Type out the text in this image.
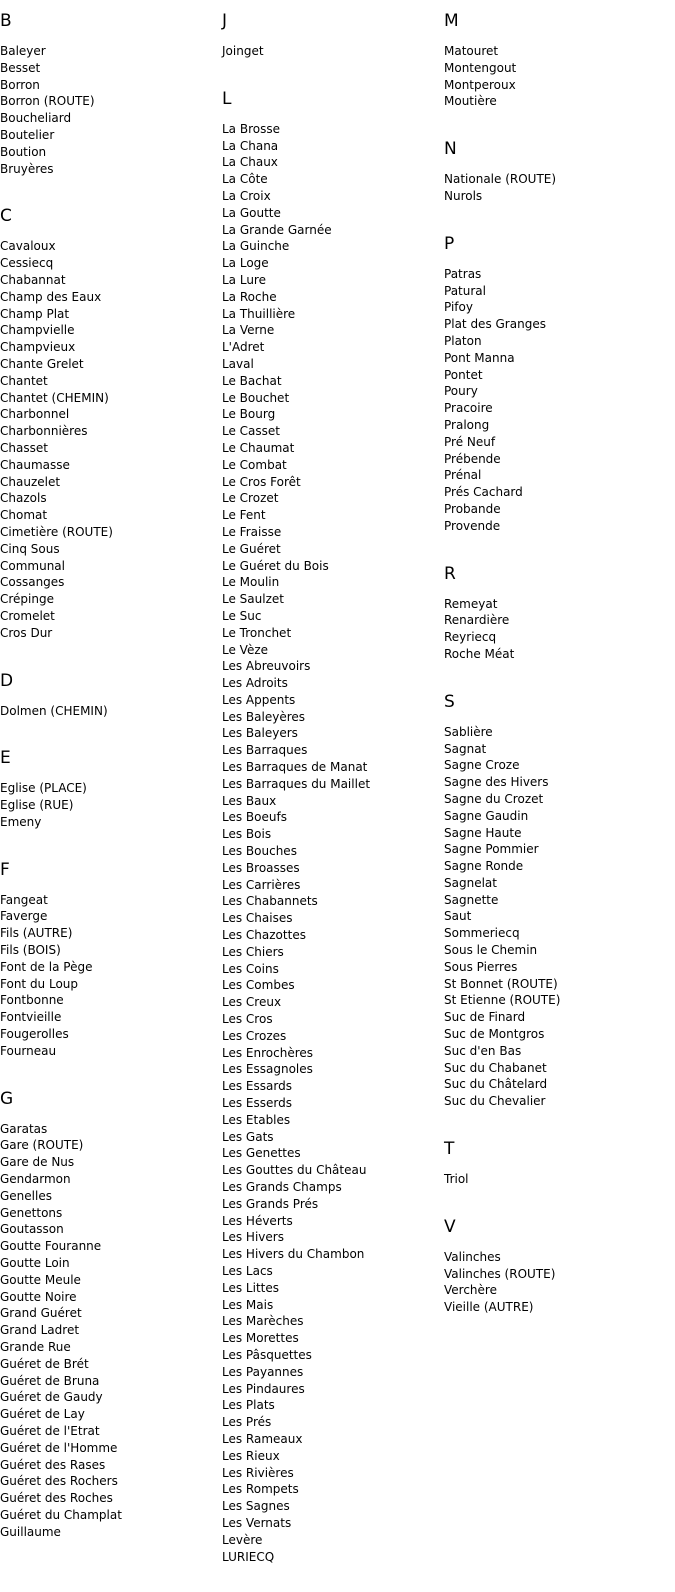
B
Baleyer
Besset
Borron
Borron (ROUTE)
Boucheliard
Boutelier
Boution
Bruyères
C
Cavaloux
Cessiecq
Chabannat
Champ des Eaux
Champ Plat
Champvielle
Champvieux
Chante Grelet
Chantet
Chantet (CHEMIN)
Charbonnel
Charbonnières
Chasset
Chaumasse
Chauzelet
Chazols
Chomat
Cimetière (ROUTE)
Cinq Sous
Communal
Cossanges
Crépinge
Cromelet
Cros Dur
D
Dolmen (CHEMIN)
E
Eglise (PLACE)
Eglise (RUE)
Emeny
F
Fangeat
Faverge
Fils (AUTRE)
Fils (BOIS)
Font de la Pège
Font du Loup
Fontbonne
Fontvieille
Fougerolles
Fourneau
G
Garatas
Gare (ROUTE)
Gare de Nus
Gendarmon
Genelles
Genettons
Goutasson
Goutte Fouranne
Goutte Loin
Goutte Meule
Goutte Noire
Grand Guéret
Grand Ladret
Grande Rue
Guéret de Brét
Guéret de Bruna
Guéret de Gaudy
Guéret de Lay
Guéret de l'Etrat
Guéret de l'Homme
Guéret des Rases
Guéret des Rochers
Guéret des Roches
Guéret du Champlat
Guillaume
J
Joinget
L
La Brosse
La Chana
La Chaux
La Côte
La Croix
La Goutte
La Grande Garnée
La Guinche
La Loge
La Lure
La Roche
La Thuillière
La Verne
L'Adret
Laval
Le Bachat
Le Bouchet
Le Bourg
Le Casset
Le Chaumat
Le Combat
Le Cros Forêt
Le Crozet
Le Fent
Le Fraisse
Le Guéret
Le Guéret du Bois
Le Moulin
Le Saulzet
Le Suc
Le Tronchet
Le Vèze
Les Abreuvoirs
Les Adroits
Les Appents
Les Baleyères
Les Baleyers
Les Barraques
Les Barraques de Manat
Les Barraques du Maillet
Les Baux
Les Boeufs
Les Bois
Les Bouches
Les Broasses
Les Carrières
Les Chabannets
Les Chaises
Les Chazottes
Les Chiers
Les Coins
Les Combes
Les Creux
Les Cros
Les Crozes
Les Enrochères
Les Essagnoles
Les Essards
Les Esserds
Les Etables
Les Gats
Les Genettes
Les Gouttes du Château
Les Grands Champs
Les Grands Prés
Les Héverts
Les Hivers
Les Hivers du Chambon
Les Lacs
Les Littes
Les Mais
Les Marèches
Les Morettes
Les Pâsquettes
Les Payannes
Les Pindaures
Les Plats
Les Prés
Les Rameaux
Les Rieux
Les Rivières
Les Rompets
Les Sagnes
Les Vernats
Levère
LURIECQ
M
Matouret
Montengout
Montperoux
Moutière
N
Nationale (ROUTE)
Nurols
P
Patras
Patural
Pifoy
Plat des Granges
Platon
Pont Manna
Pontet
Poury
Pracoire
Pralong
Pré Neuf
Prébende
Prénal
Prés Cachard
Probande
Provende
R
Remeyat
Renardière
Reyriecq
Roche Méat
S
Sablière
Sagnat
Sagne Croze
Sagne des Hivers
Sagne du Crozet
Sagne Gaudin
Sagne Haute
Sagne Pommier
Sagne Ronde
Sagnelat
Sagnette
Saut
Sommeriecq
Sous le Chemin
Sous Pierres
St Bonnet (ROUTE)
St Etienne (ROUTE)
Suc de Finard
Suc de Montgros
Suc d'en Bas
Suc du Chabanet
Suc du Châtelard
Suc du Chevalier
T
Triol
V
Valinches
Valinches (ROUTE)
Verchère
Vieille (AUTRE)
